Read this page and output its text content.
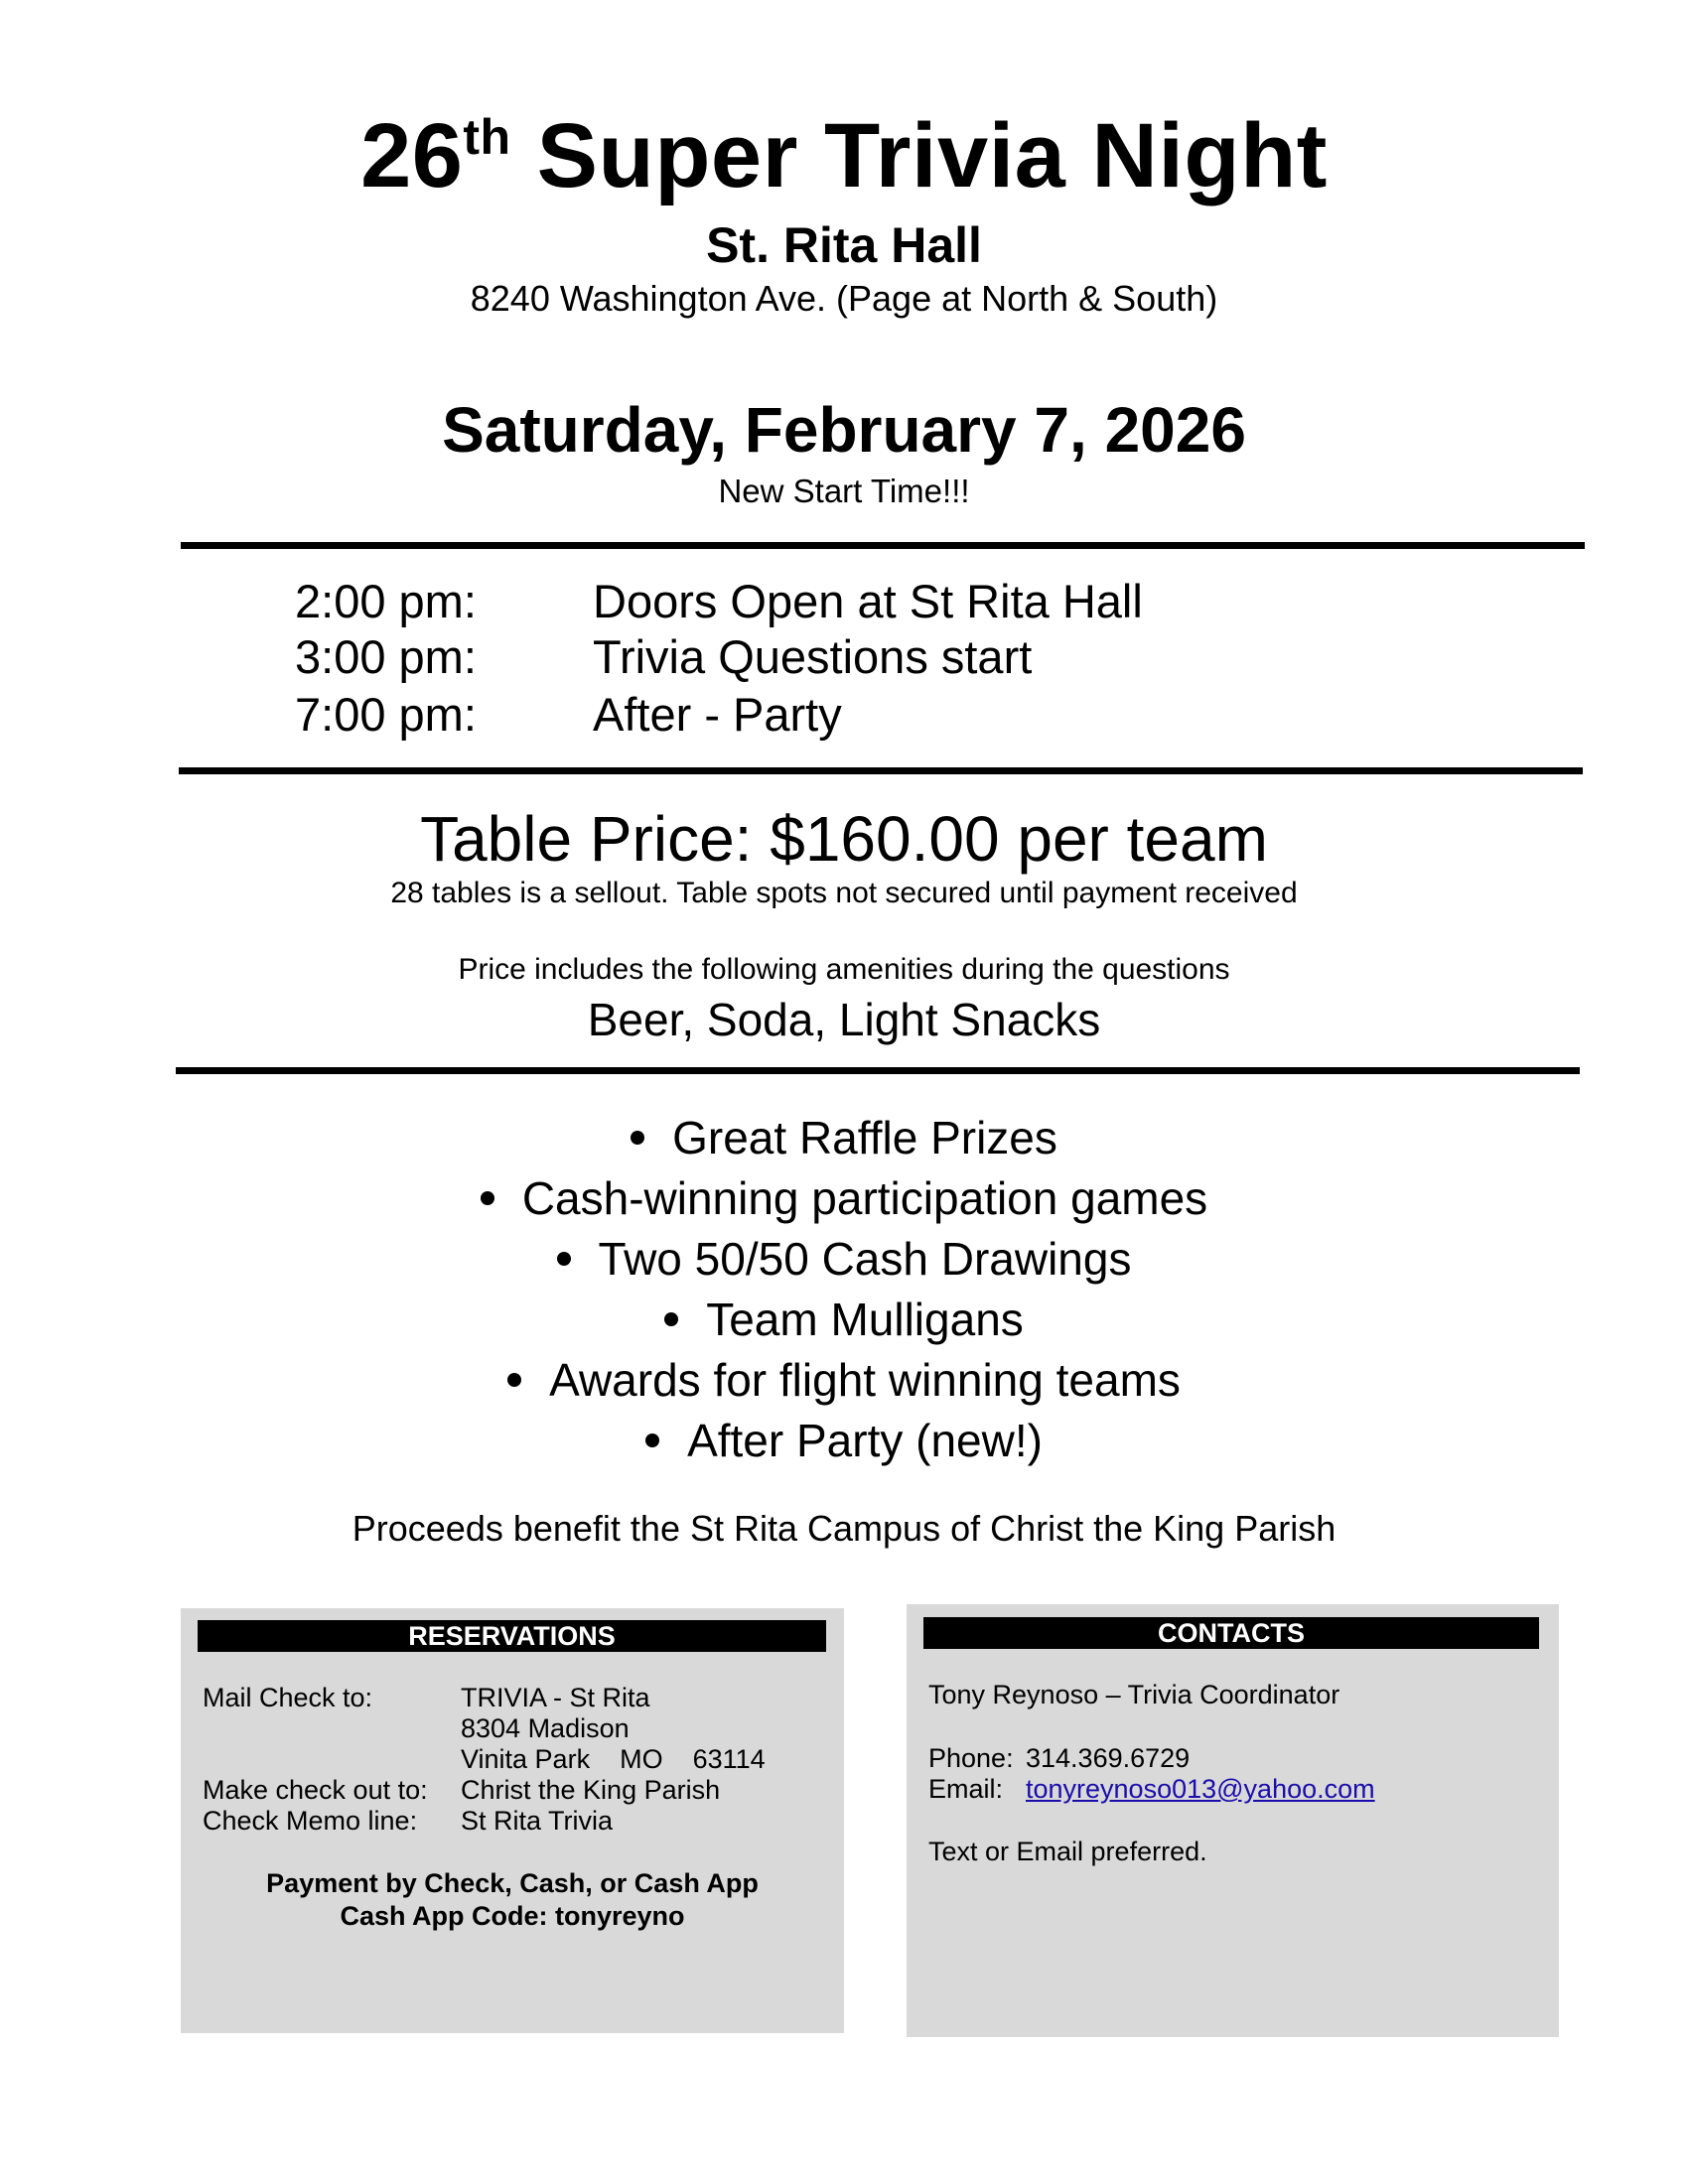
26th Super Trivia Night
St. Rita Hall
8240 Washington Ave. (Page at North & South)
Saturday, February 7, 2026
New Start Time!!!
2:00 pm:	Doors Open at St Rita Hall
3:00 pm:	Trivia Questions start
7:00 pm:	After - Party
Table Price: $160.00 per team
28 tables is a sellout. Table spots not secured until payment received
Price includes the following amenities during the questions
Beer, Soda, Light Snacks
Great Raffle Prizes
Cash-winning participation games
Two 50/50 Cash Drawings
Team Mulligans
Awards for flight winning teams
After Party (new!)
Proceeds benefit the St Rita Campus of Christ the King Parish
RESERVATIONS
Mail Check to:	TRIVIA - St Rita
8304 Madison
Vinita Park    MO    63114
Make check out to: Christ the King Parish
Check Memo line: St Rita Trivia
Payment by Check, Cash, or Cash App
Cash App Code: tonyreyno
CONTACTS
Tony Reynoso – Trivia Coordinator
Phone: 314.369.6729
Email: tonyreynoso013@yahoo.com
Text or Email preferred.
